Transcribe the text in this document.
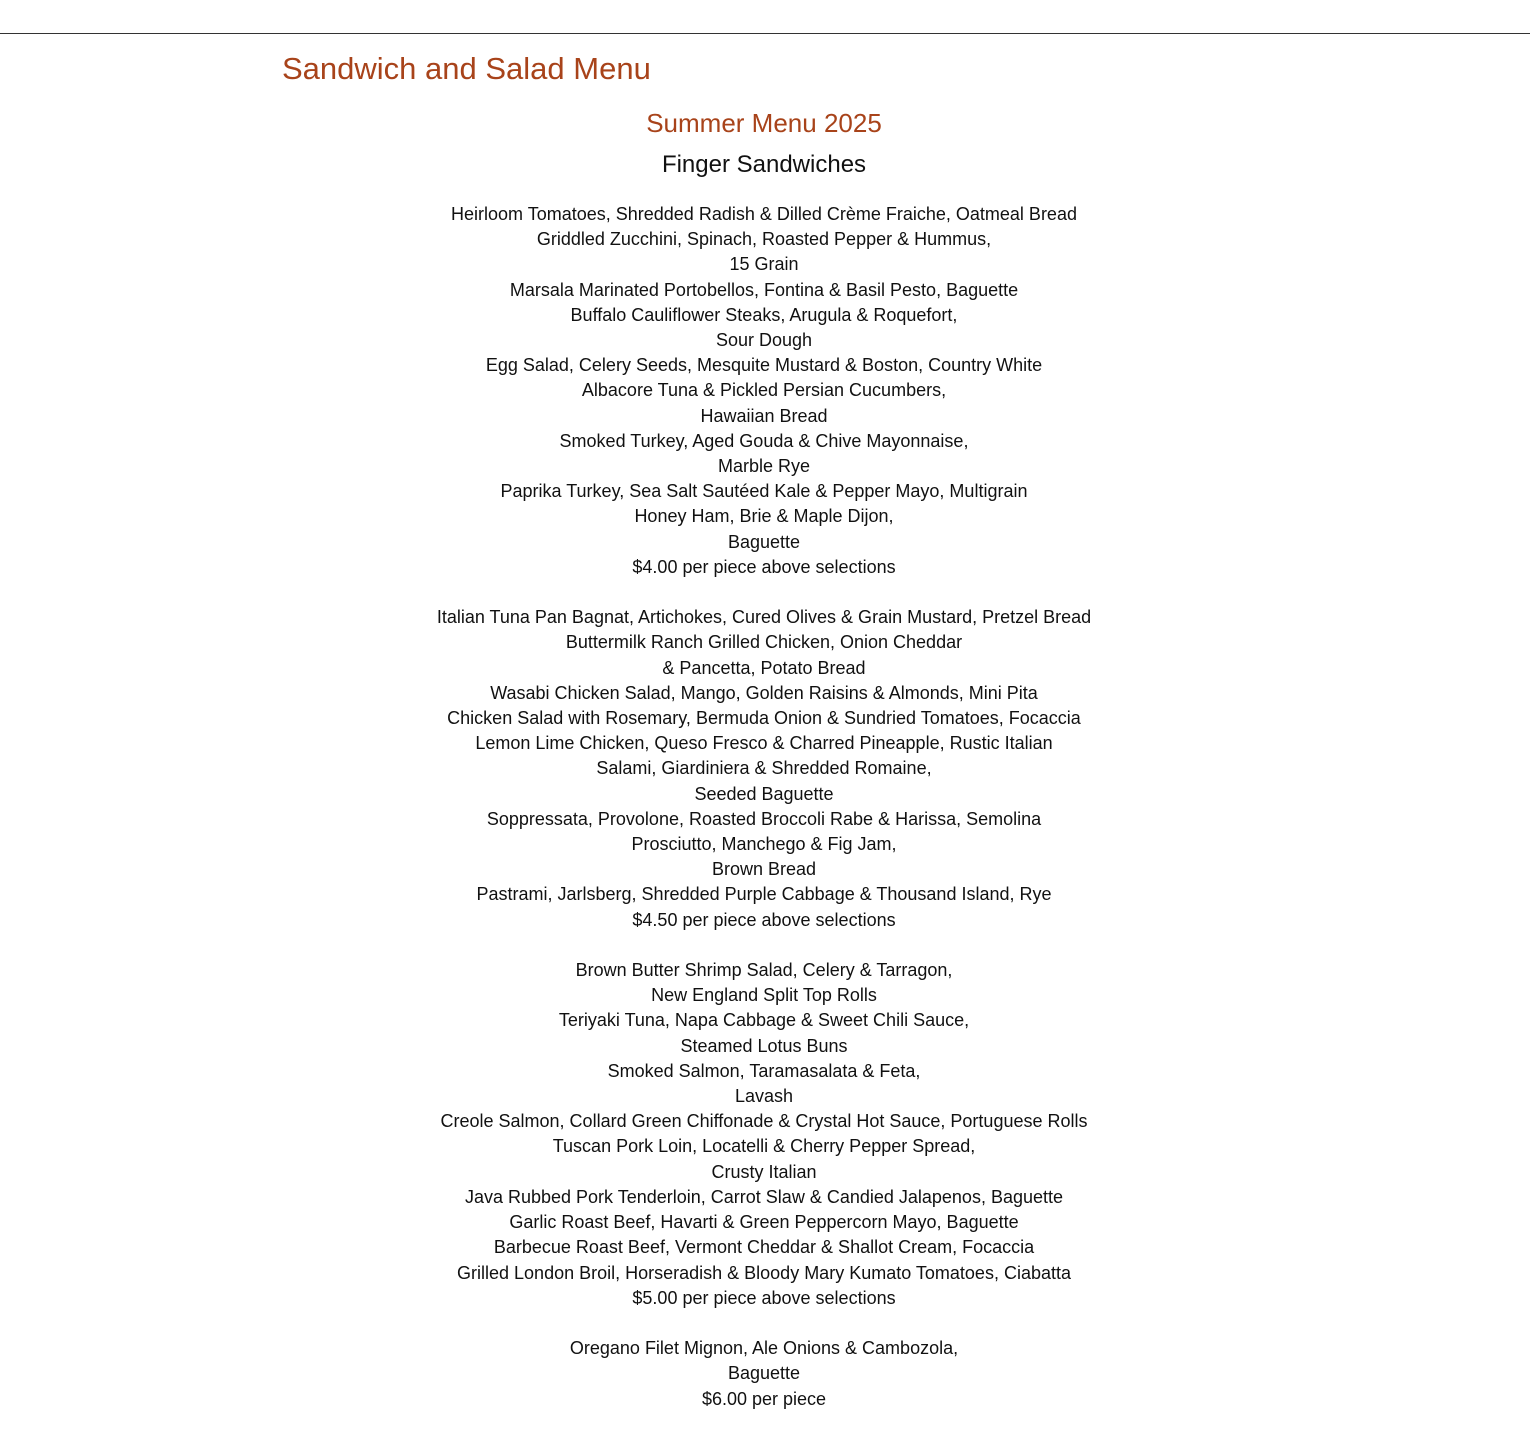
Sandwich and Salad Menu
Summer Menu 2025
Finger Sandwiches
Heirloom Tomatoes, Shredded Radish & Dilled Crème Fraiche, Oatmeal Bread
Griddled Zucchini, Spinach, Roasted Pepper & Hummus,
15 Grain
Marsala Marinated Portobellos, Fontina & Basil Pesto, Baguette
Buffalo Cauliflower Steaks, Arugula & Roquefort,
Sour Dough
Egg Salad, Celery Seeds, Mesquite Mustard & Boston, Country White
Albacore Tuna & Pickled Persian Cucumbers,
Hawaiian Bread
Smoked Turkey, Aged Gouda & Chive Mayonnaise,
Marble Rye
Paprika Turkey, Sea Salt Sautéed Kale & Pepper Mayo, Multigrain
Honey Ham, Brie & Maple Dijon,
Baguette
$4.00 per piece above selections
Italian Tuna Pan Bagnat, Artichokes, Cured Olives & Grain Mustard, Pretzel Bread
Buttermilk Ranch Grilled Chicken, Onion Cheddar
& Pancetta, Potato Bread
Wasabi Chicken Salad, Mango, Golden Raisins & Almonds, Mini Pita
Chicken Salad with Rosemary, Bermuda Onion & Sundried Tomatoes, Focaccia
Lemon Lime Chicken, Queso Fresco & Charred Pineapple, Rustic Italian
Salami, Giardiniera & Shredded Romaine,
Seeded Baguette
Soppressata, Provolone, Roasted Broccoli Rabe & Harissa, Semolina
Prosciutto, Manchego & Fig Jam,
Brown Bread
Pastrami, Jarlsberg, Shredded Purple Cabbage & Thousand Island, Rye
$4.50 per piece above selections
Brown Butter Shrimp Salad, Celery & Tarragon,
New England Split Top Rolls
Teriyaki Tuna, Napa Cabbage & Sweet Chili Sauce,
Steamed Lotus Buns
Smoked Salmon, Taramasalata & Feta,
Lavash
Creole Salmon, Collard Green Chiffonade & Crystal Hot Sauce, Portuguese Rolls
Tuscan Pork Loin, Locatelli & Cherry Pepper Spread,
Crusty Italian
Java Rubbed Pork Tenderloin, Carrot Slaw & Candied Jalapenos, Baguette
Garlic Roast Beef, Havarti & Green Peppercorn Mayo, Baguette
Barbecue Roast Beef, Vermont Cheddar & Shallot Cream, Focaccia
Grilled London Broil, Horseradish & Bloody Mary Kumato Tomatoes, Ciabatta
$5.00 per piece above selections
Oregano Filet Mignon, Ale Onions & Cambozola,
Baguette
$6.00 per piece
